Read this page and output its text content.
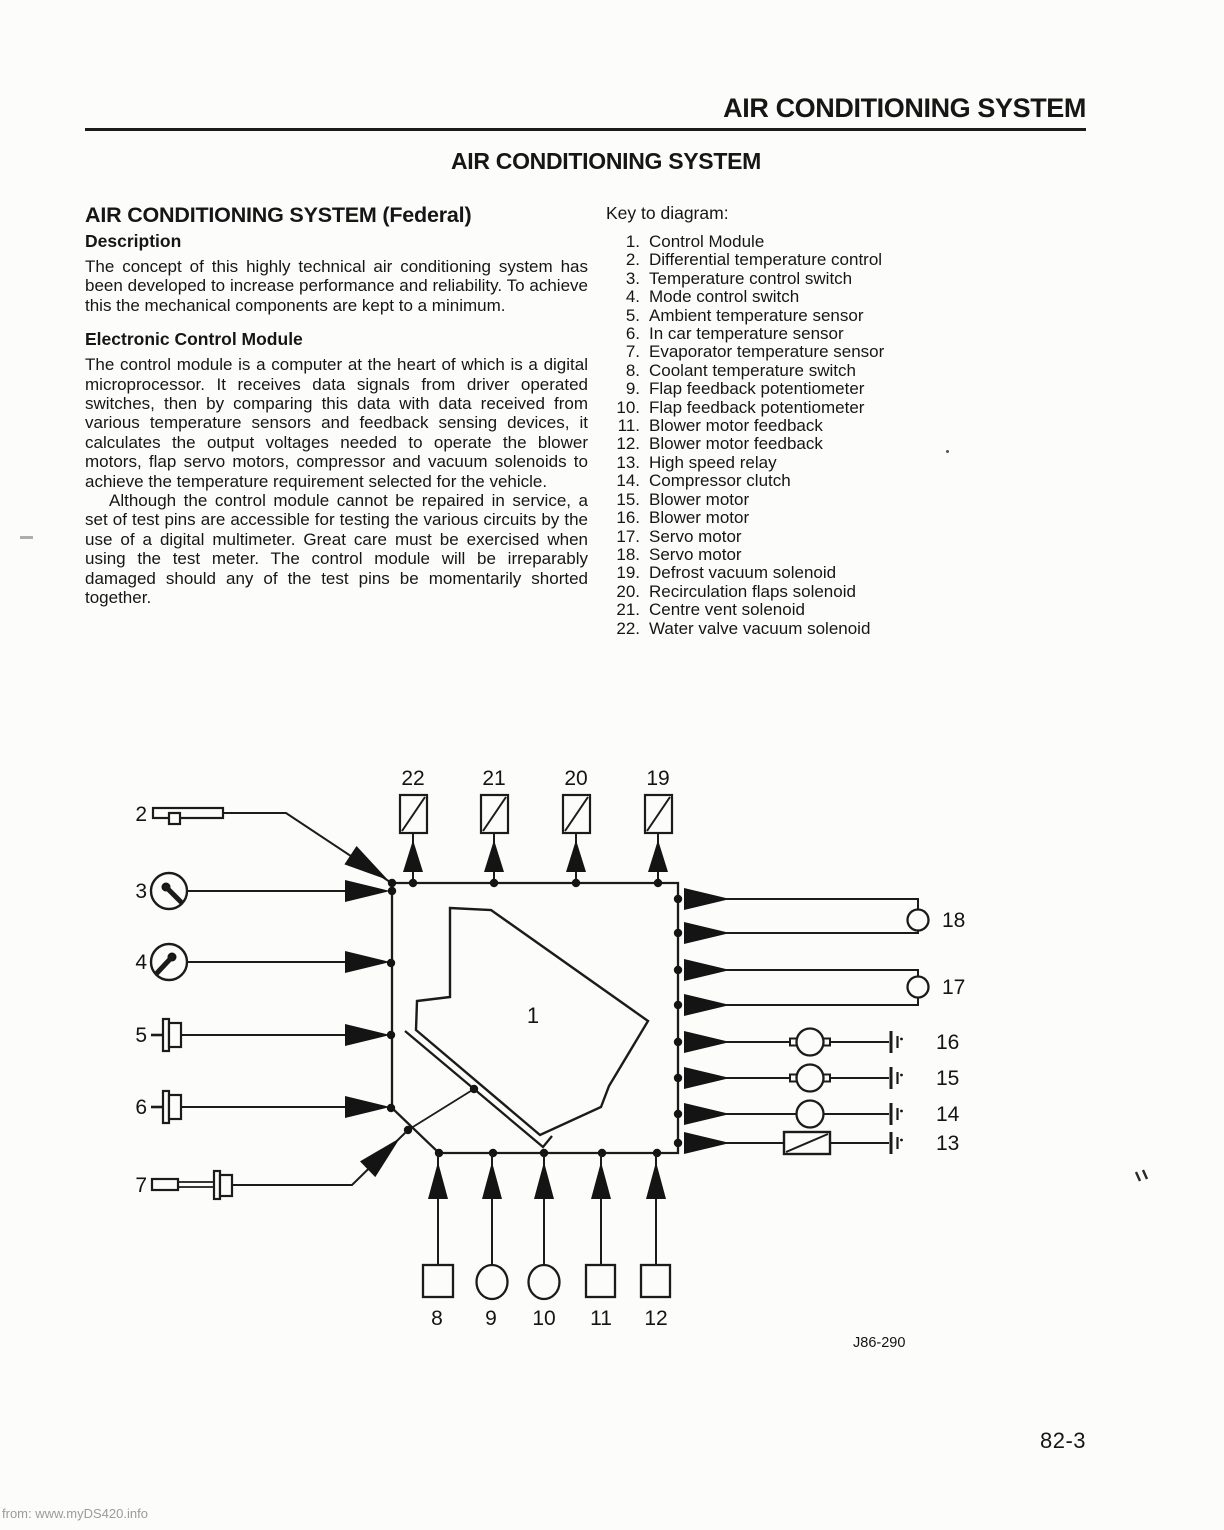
AIR CONDITIONING SYSTEM
AIR CONDITIONING SYSTEM
AIR CONDITIONING SYSTEM (Federal)
Description

The concept of this highly technical air conditioning system has been developed to increase performance and reliability. To achieve this the mechanical components are kept to a minimum.

Electronic Control Module

The control module is a computer at the heart of which is a digital microprocessor. It receives data signals from driver operated switches, then by comparing this data with data received from various temperature sensors and feedback sensing devices, it calculates the output voltages needed to operate the blower motors, flap servo motors, compressor and vacuum solenoids to achieve the temperature requirement selected for the vehicle.

Although the control module cannot be repaired in service, a set of test pins are accessible for testing the various circuits by the use of a digital multimeter. Great care must be exercised when using the test meter. The control module will be irreparably damaged should any of the test pins be momentarily shorted together.

Key to diagram:
1. Control Module
2. Differential temperature control
3. Temperature control switch
4. Mode control switch
5. Ambient temperature sensor
6. In car temperature sensor
7. Evaporator temperature sensor
8. Coolant temperature switch
9. Flap feedback potentiometer
10. Flap feedback potentiometer
11. Blower motor feedback
12. Blower motor feedback
13. High speed relay
14. Compressor clutch
15. Blower motor
16. Blower motor
17. Servo motor
18. Servo motor
19. Defrost vacuum solenoid
20. Recirculation flaps solenoid
21. Centre vent solenoid
22. Water valve vacuum solenoid
1
22	21	20	19
2
3
4
5
6
7
8 9 10 11 12
18
17
16
15
14
13
J86-290
82-3
from: www.myDS420.info
